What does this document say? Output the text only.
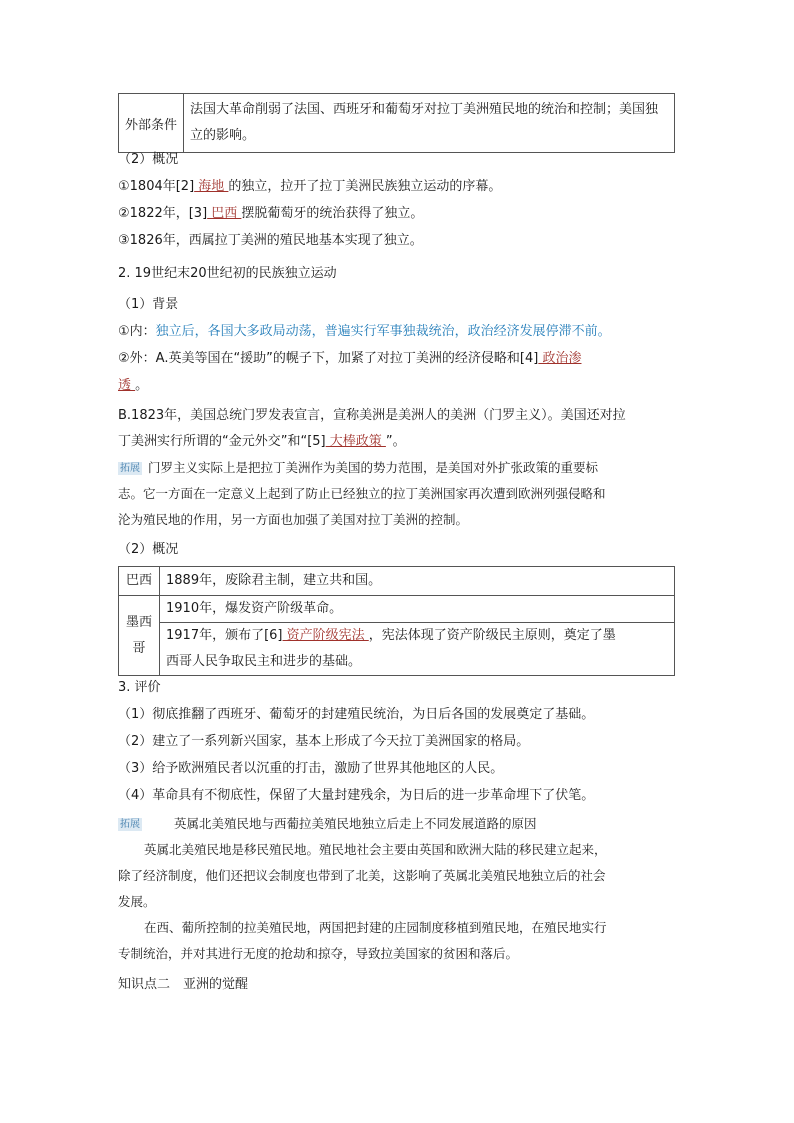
外部条件	法国大革命削弱了法国、西班牙和葡萄牙对拉丁美洲殖民地的统治和控制；美国独立的影响。
（2）概况
①1804年[2] 海地 的独立，拉开了拉丁美洲民族独立运动的序幕。
②1822年，[3] 巴西 摆脱葡萄牙的统治获得了独立。
③1826年，西属拉丁美洲的殖民地基本实现了独立。
2. 19世纪末20世纪初的民族独立运动
（1）背景
①内：独立后，各国大多政局动荡，普遍实行军事独裁统治，政治经济发展停滞不前。
②外：A.英美等国在“援助”的幌子下，加紧了对拉丁美洲的经济侵略和[4] 政治渗
透 。
B.1823年，美国总统门罗发表宣言，宣称美洲是美洲人的美洲（门罗主义）。美国还对拉
丁美洲实行所谓的“金元外交”和“[5] 大棒政策 ”。
拓展 门罗主义实际上是把拉丁美洲作为美国的势力范围，是美国对外扩张政策的重要标
志。它一方面在一定意义上起到了防止已经独立的拉丁美洲国家再次遭到欧洲列强侵略和
沦为殖民地的作用，另一方面也加强了美国对拉丁美洲的控制。
（2）概况
巴西	1889年，废除君主制，建立共和国。
墨西
哥	1910年，爆发资产阶级革命。
	1917年，颁布了[6] 资产阶级宪法 ，宪法体现了资产阶级民主原则，奠定了墨
西哥人民争取民主和进步的基础。
3. 评价
（1）彻底推翻了西班牙、葡萄牙的封建殖民统治，为日后各国的发展奠定了基础。
（2）建立了一系列新兴国家，基本上形成了今天拉丁美洲国家的格局。
（3）给予欧洲殖民者以沉重的打击，激励了世界其他地区的人民。
（4）革命具有不彻底性，保留了大量封建残余，为日后的进一步革命埋下了伏笔。
拓展	英属北美殖民地与西葡拉美殖民地独立后走上不同发展道路的原因
英属北美殖民地是移民殖民地。殖民地社会主要由英国和欧洲大陆的移民建立起来，
除了经济制度，他们还把议会制度也带到了北美，这影响了英属北美殖民地独立后的社会
发展。
在西、葡所控制的拉美殖民地，两国把封建的庄园制度移植到殖民地，在殖民地实行
专制统治，并对其进行无度的抢劫和掠夺，导致拉美国家的贫困和落后。
知识点二　亚洲的觉醒
